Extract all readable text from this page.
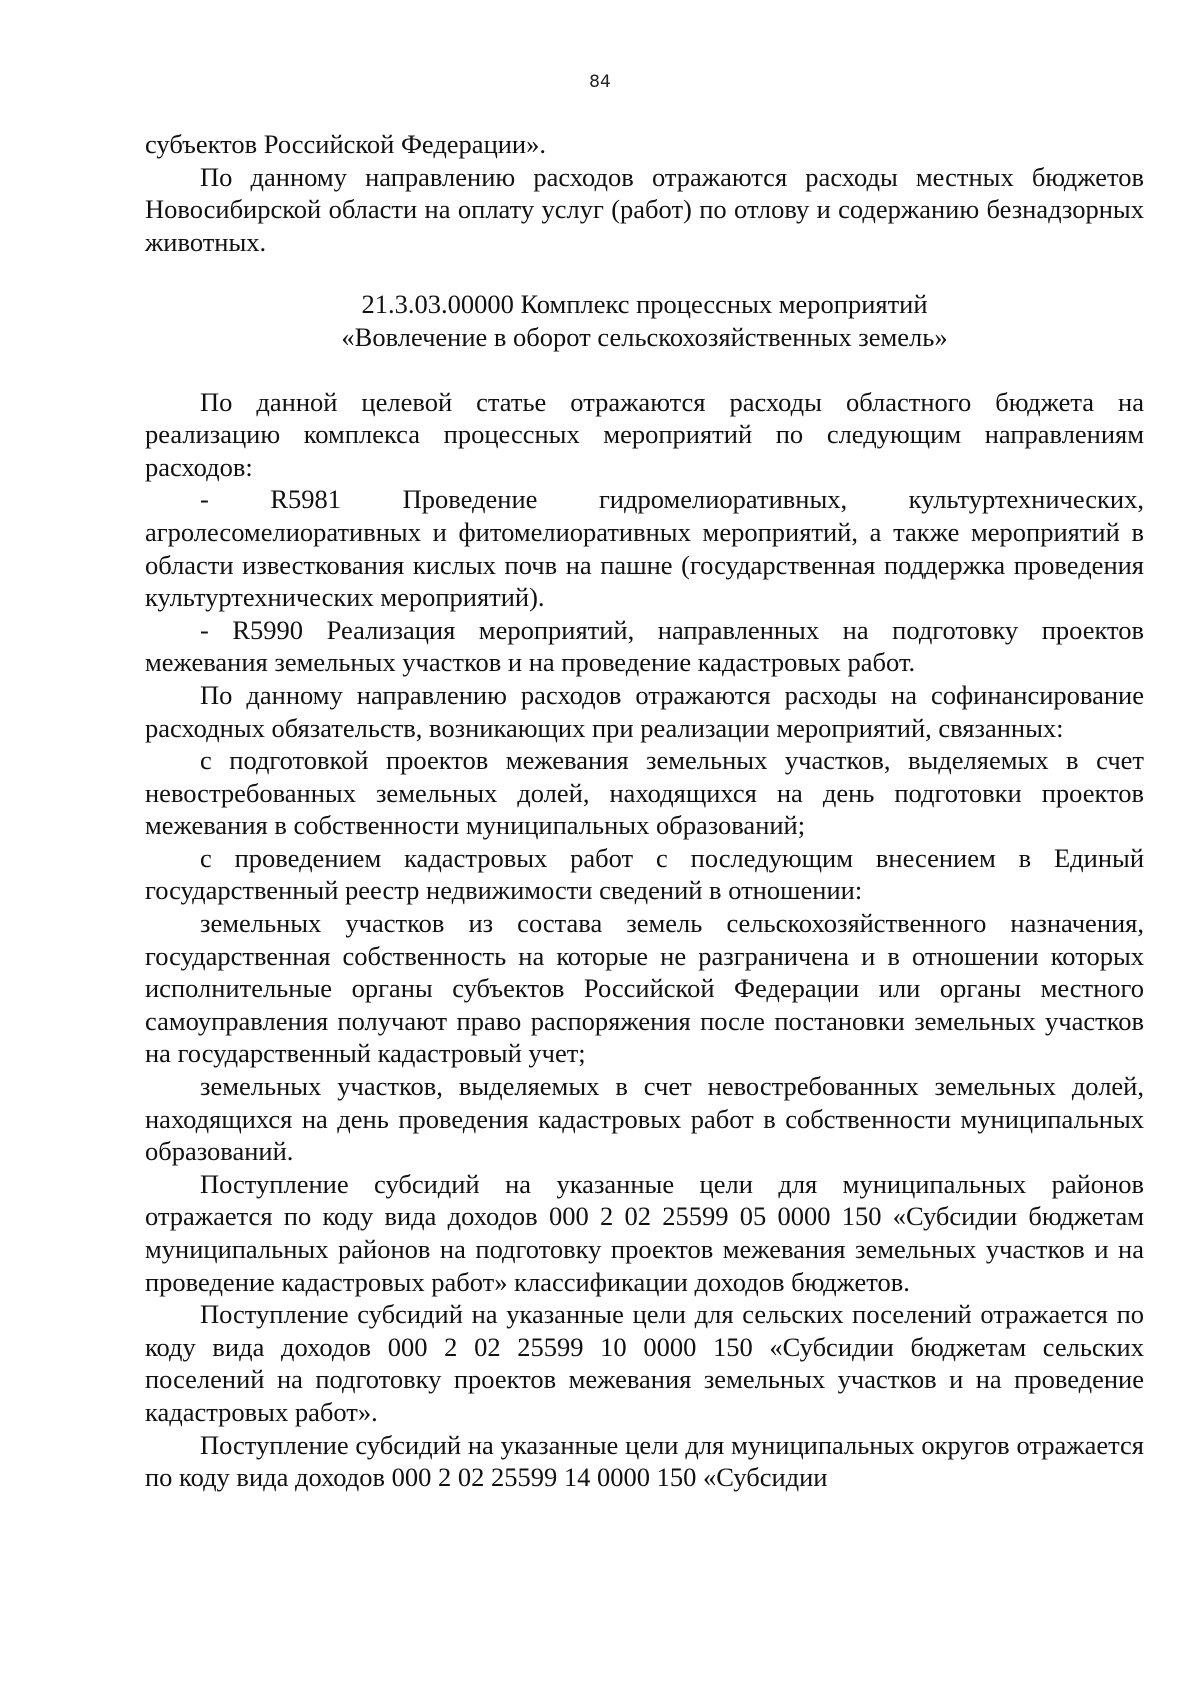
84

субъектов Российской Федерации».

По данному направлению расходов отражаются расходы местных бюджетов Новосибирской области на оплату услуг (работ) по отлову и содержанию безнадзорных животных.

21.3.03.00000 Комплекс процессных мероприятий
«Вовлечение в оборот сельскохозяйственных земель»

По данной целевой статье отражаются расходы областного бюджета на реализацию комплекса процессных мероприятий по следующим направлениям расходов:

- R5981 Проведение гидромелиоративных, культуртехнических, агролесомелиоративных и фитомелиоративных мероприятий, а также мероприятий в области известкования кислых почв на пашне (государственная поддержка проведения культуртехнических мероприятий).

- R5990 Реализация мероприятий, направленных на подготовку проектов межевания земельных участков и на проведение кадастровых работ.

По данному направлению расходов отражаются расходы на софинансирование расходных обязательств, возникающих при реализации мероприятий, связанных:

с подготовкой проектов межевания земельных участков, выделяемых в счет невостребованных земельных долей, находящихся на день подготовки проектов межевания в собственности муниципальных образований;

с проведением кадастровых работ с последующим внесением в Единый государственный реестр недвижимости сведений в отношении:

земельных участков из состава земель сельскохозяйственного назначения, государственная собственность на которые не разграничена и в отношении которых исполнительные органы субъектов Российской Федерации или органы местного самоуправления получают право распоряжения после постановки земельных участков на государственный кадастровый учет;

земельных участков, выделяемых в счет невостребованных земельных долей, находящихся на день проведения кадастровых работ в собственности муниципальных образований.

Поступление субсидий на указанные цели для муниципальных районов отражается по коду вида доходов 000 2 02 25599 05 0000 150 «Субсидии бюджетам муниципальных районов на подготовку проектов межевания земельных участков и на проведение кадастровых работ» классификации доходов бюджетов.

Поступление субсидий на указанные цели для сельских поселений отражается по коду вида доходов 000 2 02 25599 10 0000 150 «Субсидии бюджетам сельских поселений на подготовку проектов межевания земельных участков и на проведение кадастровых работ».

Поступление субсидий на указанные цели для муниципальных округов отражается по коду вида доходов 000 2 02 25599 14 0000 150 «Субсидии
